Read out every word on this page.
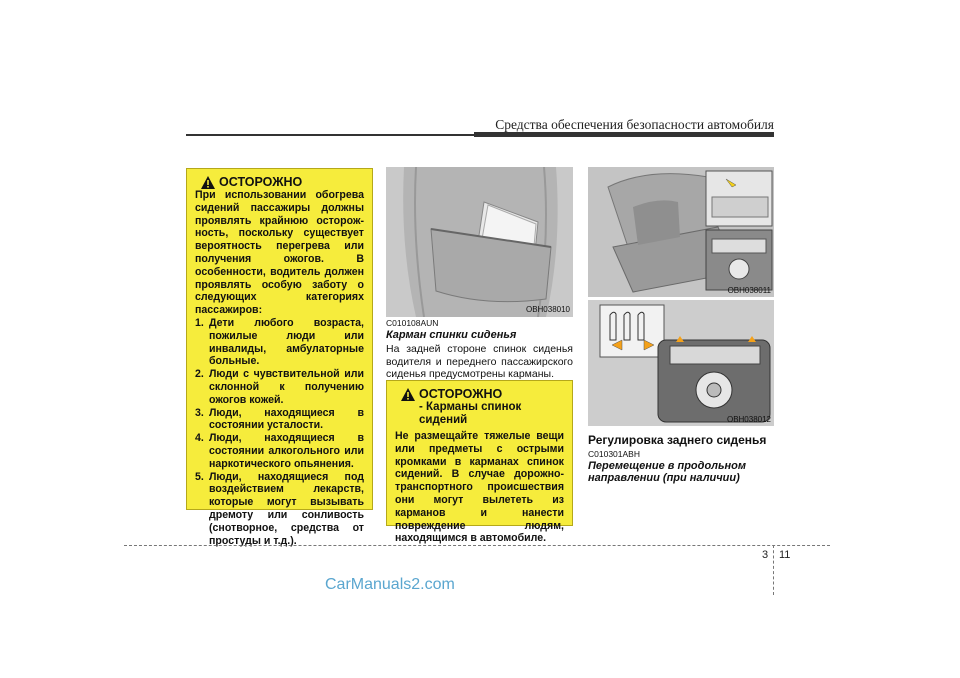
Средства обеспечения безопасности автомобиля
ОСТОРОЖНО
При использовании обогрева сидений пассажиры должны проявлять крайнюю осторож-ность, поскольку существует вероятность перегрева или получения ожогов. В особенности, водитель должен проявлять особую заботу о следующих категориях пассажиров:
1. Дети любого возраста, пожилые люди или инвалиды, амбулаторные больные.
2. Люди с чувствительной или склонной к получению ожогов кожей.
3. Люди, находящиеся в состоянии усталости.
4. Люди, находящиеся в состоянии алкогольного или наркотического опьянения.
5. Люди, находящиеся под воздействием лекарств, которые могут вызывать дремоту или сонливость (снотворное, средства от простуды и т.д.).
OBH038010
C010108AUN
Карман спинки сиденья
На задней стороне спинок сиденья водителя и переднего пассажирского сиденья предусмотрены карманы.
ОСТОРОЖНО
- Карманы спинок сидений
Не размещайте тяжелые вещи или предметы с острыми кромками в карманах спинок сидений. В случае дорожно-транспортного происшествия они могут вылететь из карманов и нанести повреждение людям, находящимся в автомобиле.
OBH038011
OBH038012
Регулировка заднего сиденья
C010301ABH
Перемещение в продольном направлении (при наличии)
3 11
CarManuals2.com
